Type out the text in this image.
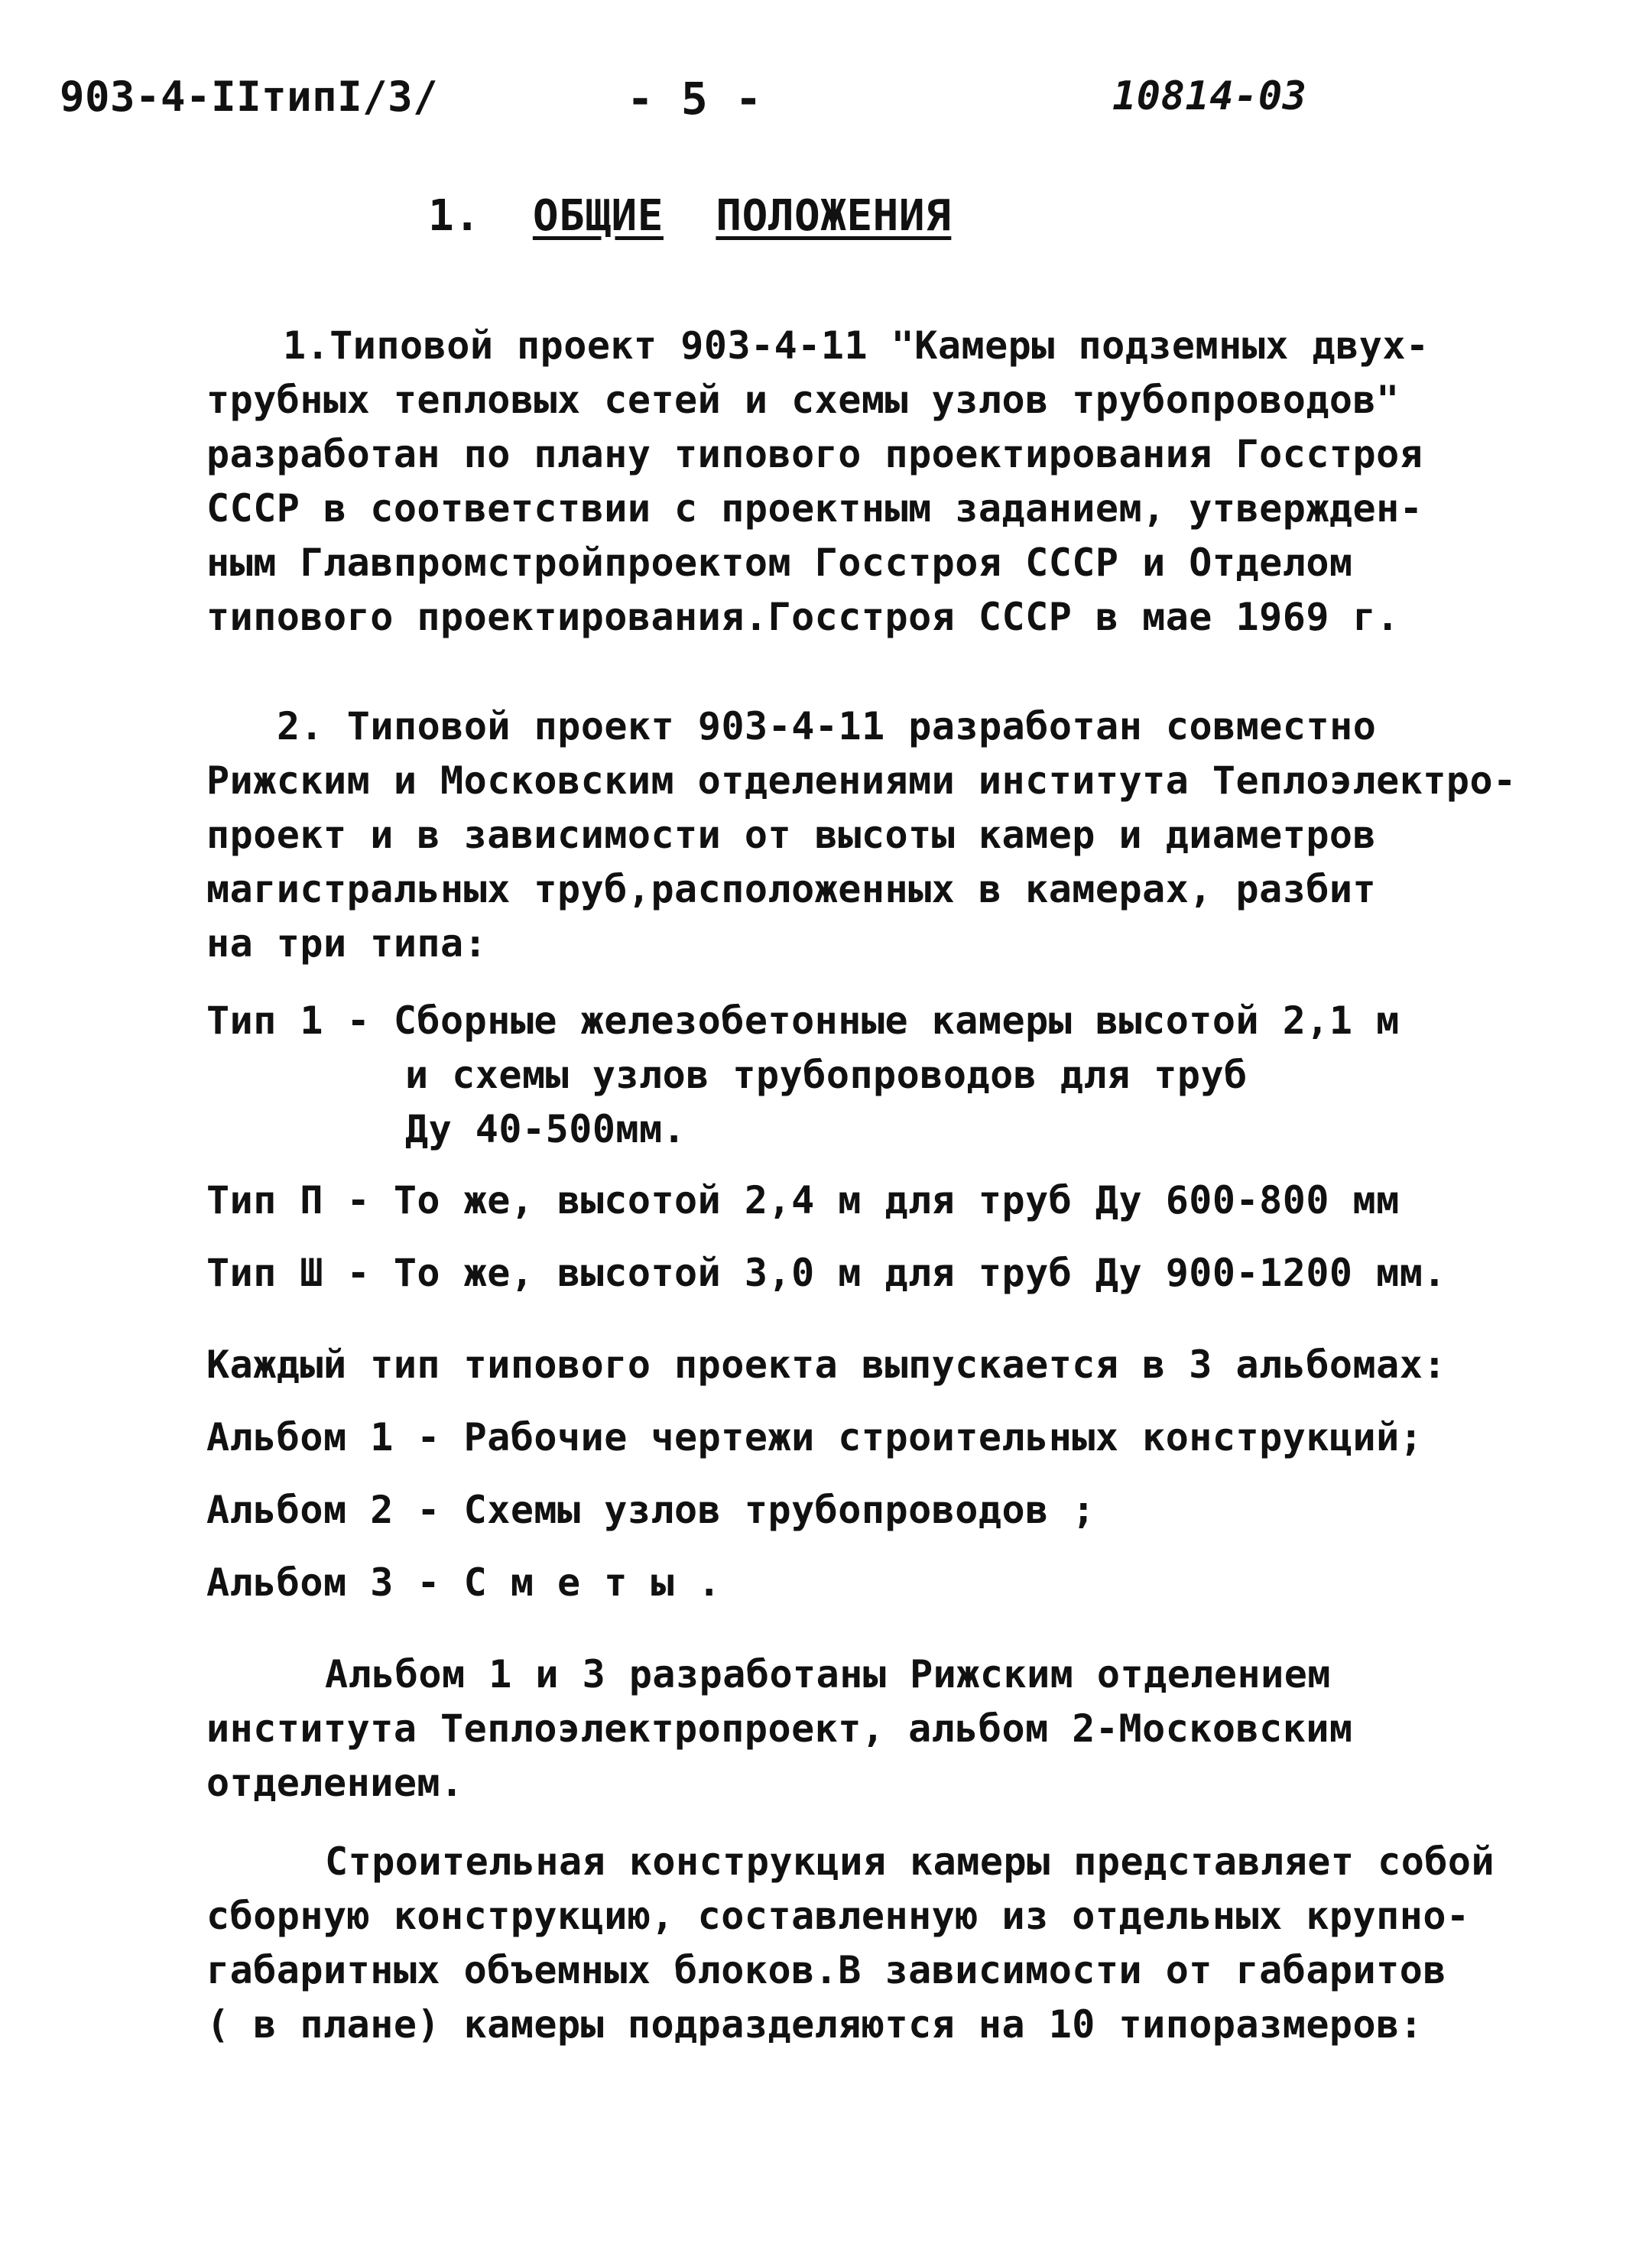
903-4-IIтипI/3/	- 5 -	10814-03
1. ОБЩИЕ ПОЛОЖЕНИЯ
1.Типовой проект 903-4-11 "Камеры подземных двух-
трубных тепловых сетей и схемы узлов трубопроводов"
разработан по плану типового проектирования Госстроя
СССР в соответствии с проектным заданием, утвержден-
ным Главпромстройпроектом Госстроя СССР и Отделом
типового проектирования.Госстроя СССР в мае 1969 г.
2. Типовой проект 903-4-11 разработан совместно
Рижским и Московским отделениями института Теплоэлектро-
проект и в зависимости от высоты камер и диаметров
магистральных труб,расположенных в камерах, разбит
на три типа:
Тип 1 - Сборные железобетонные камеры высотой 2,1 м
и схемы узлов трубопроводов для труб
Ду 40-500мм.
Тип П - То же, высотой 2,4 м для труб Ду 600-800 мм
Тип Ш - То же, высотой 3,0 м для труб Ду 900-1200 мм.
Каждый тип типового проекта выпускается в 3 альбомах:
Альбом 1 - Рабочие чертежи строительных конструкций;
Альбом 2 - Схемы узлов трубопроводов ;
Альбом 3 - С м е т ы .
Альбом 1 и 3 разработаны Рижским отделением
института Теплоэлектропроект, альбом 2-Московским
отделением.
Строительная конструкция камеры представляет собой
сборную конструкцию, составленную из отдельных крупно-
габаритных объемных блоков.В зависимости от габаритов
( в плане) камеры подразделяются на 10 типоразмеров:
